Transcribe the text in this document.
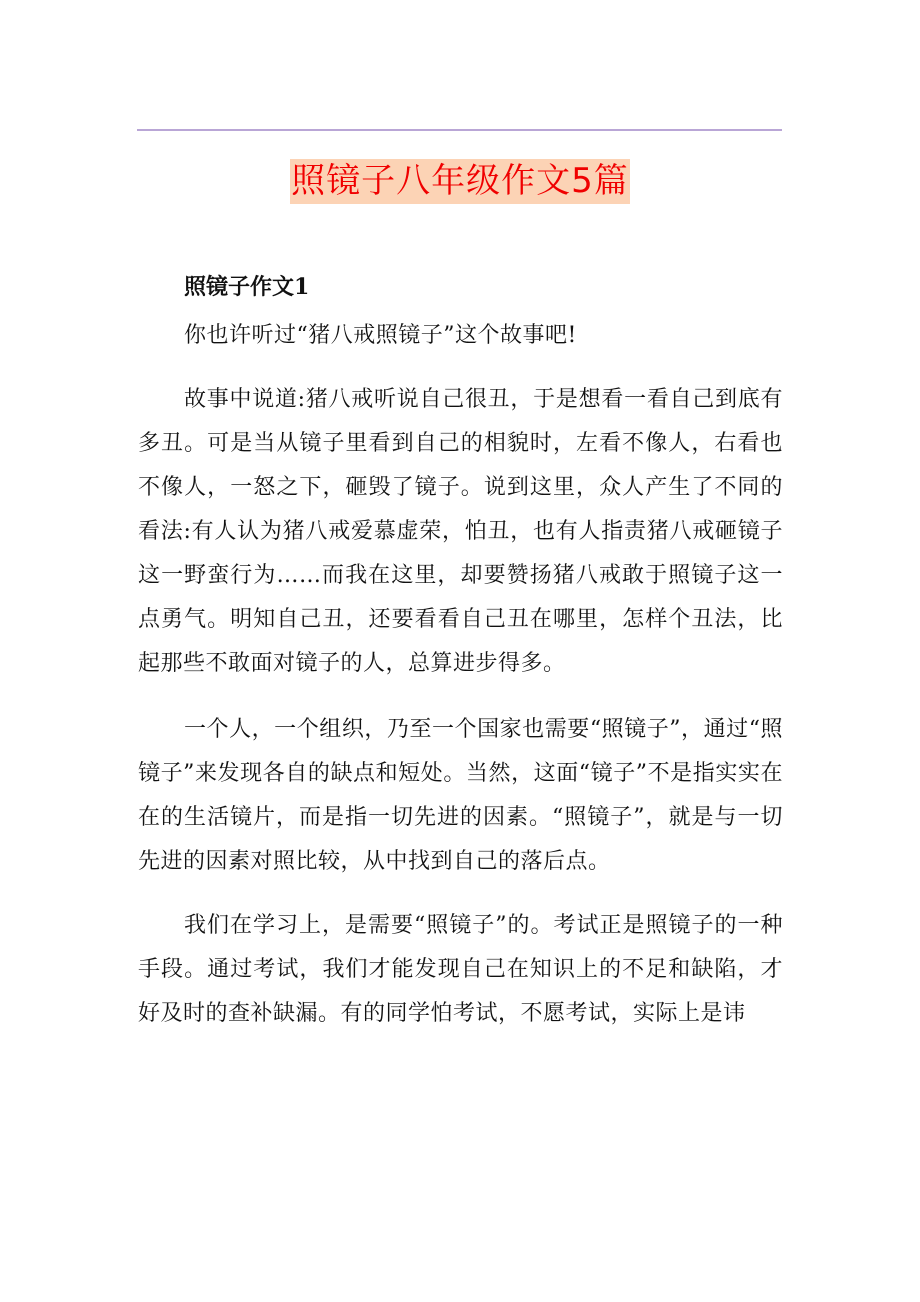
照镜子八年级作文5篇
照镜子作文1

你也许听过“猪八戒照镜子”这个故事吧!

故事中说道:猪八戒听说自己很丑，于是想看一看自己到底有多丑。可是当从镜子里看到自己的相貌时，左看不像人，右看也不像人，一怒之下，砸毁了镜子。说到这里，众人产生了不同的看法:有人认为猪八戒爱慕虚荣，怕丑，也有人指责猪八戒砸镜子这一野蛮行为……而我在这里，却要赞扬猪八戒敢于照镜子这一点勇气。明知自己丑，还要看看自己丑在哪里，怎样个丑法，比起那些不敢面对镜子的人，总算进步得多。

一个人，一个组织，乃至一个国家也需要“照镜子”，通过“照镜子”来发现各自的缺点和短处。当然，这面“镜子”不是指实实在在的生活镜片，而是指一切先进的因素。“照镜子”，就是与一切先进的因素对照比较，从中找到自己的落后点。

我们在学习上，是需要“照镜子”的。考试正是照镜子的一种手段。通过考试，我们才能发现自己在知识上的不足和缺陷，才好及时的查补缺漏。有的同学怕考试，不愿考试，实际上是讳
